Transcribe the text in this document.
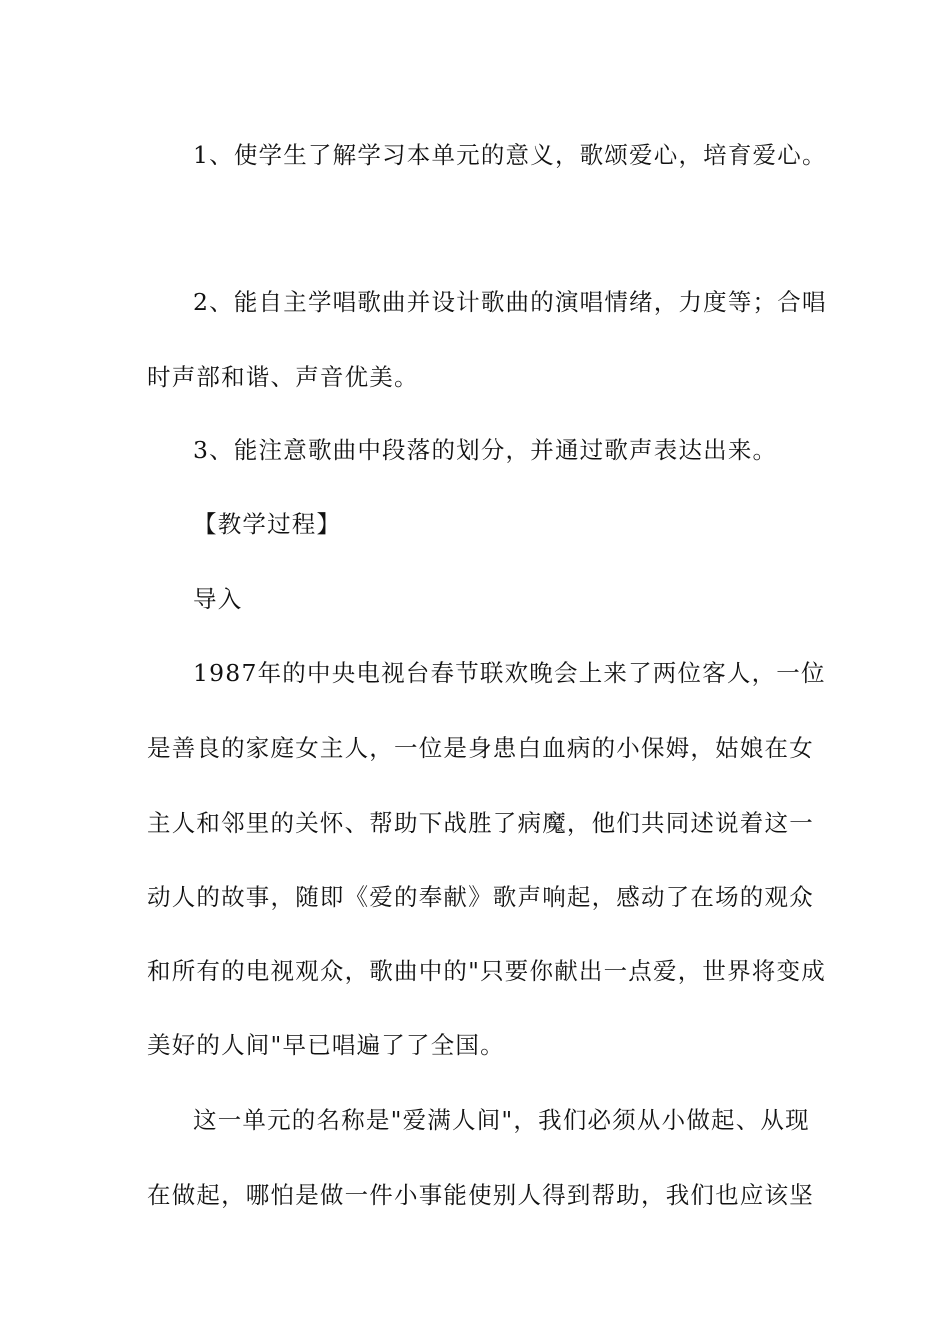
1、使学生了解学习本单元的意义，歌颂爱心，培育爱心。
2、能自主学唱歌曲并设计歌曲的演唱情绪，力度等；合唱
时声部和谐、声音优美。
3、能注意歌曲中段落的划分，并通过歌声表达出来。
【教学过程】
导入
1987年的中央电视台春节联欢晚会上来了两位客人，一位
是善良的家庭女主人，一位是身患白血病的小保姆，姑娘在女
主人和邻里的关怀、帮助下战胜了病魔，他们共同述说着这一
动人的故事，随即《爱的奉献》歌声响起，感动了在场的观众
和所有的电视观众，歌曲中的"只要你献出一点爱，世界将变成
美好的人间"早已唱遍了了全国。
这一单元的名称是"爱满人间"，我们必须从小做起、从现
在做起，哪怕是做一件小事能使别人得到帮助，我们也应该坚
